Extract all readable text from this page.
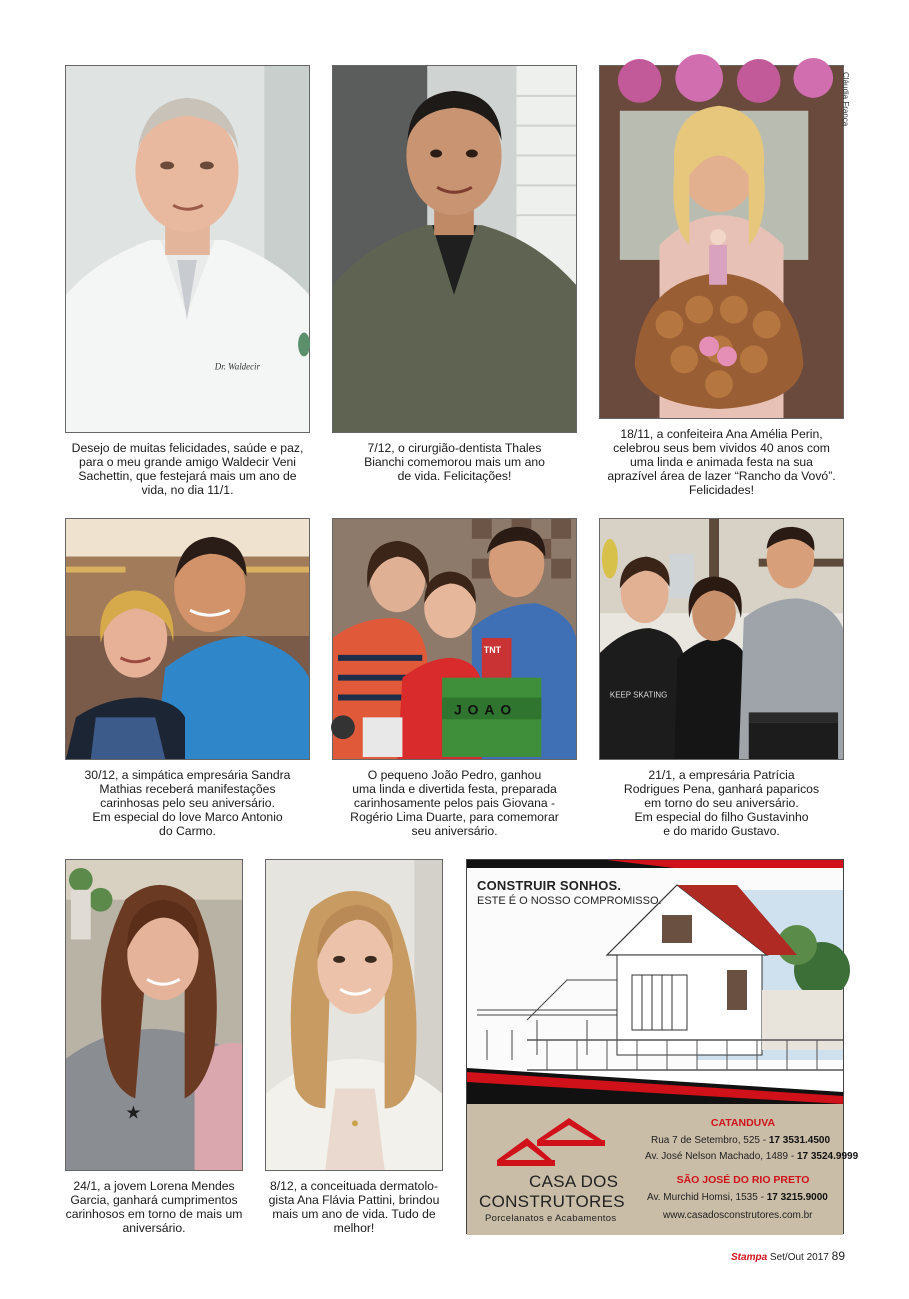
Dr. Waldecir
Desejo de muitas felicidades, saúde e paz,
para o meu grande amigo Waldecir Veni
Sachettin, que festejará mais um ano de
vida, no dia 11/1.
7/12, o cirurgião-dentista Thales
Bianchi comemorou mais um ano
de vida. Felicitações!
18/11, a confeiteira Ana Amélia Perin,
celebrou seus bem vividos 40 anos com
uma linda e animada festa na sua
aprazível área de lazer “Rancho da Vovó”.
Felicidades!
Cláudia França
30/12, a simpática empresária Sandra
Mathias receberá manifestações
carinhosas pelo seu aniversário.
Em especial do love Marco Antonio
do Carmo.
JOAO
TNT
O pequeno João Pedro, ganhou
uma linda e divertida festa, preparada
carinhosamente pelos pais Giovana -
Rogério Lima Duarte, para comemorar
seu aniversário.
KEEP SKATING
21/1, a empresária Patrícia
Rodrigues Pena, ganhará paparicos
em torno do seu aniversário.
Em especial do filho Gustavinho
e do marido Gustavo.
★
24/1, a jovem Lorena Mendes
Garcia, ganhará cumprimentos
carinhosos em torno de mais um
aniversário.
8/12, a conceituada dermatolo-
gista Ana Flávia Pattini, brindou
mais um ano de vida. Tudo de
melhor!
CONSTRUIR SONHOS.
ESTE É O NOSSO COMPROMISSO.
CASA DOS
CONSTRUTORES
Porcelanatos e Acabamentos
CATANDUVA
Rua 7 de Setembro, 525 - 17 3531.4500
Av. José Nelson Machado, 1489 - 17 3524.9999
SÃO JOSÉ DO RIO PRETO
Av. Murchid Homsi, 1535 - 17 3215.9000
www.casadosconstrutores.com.br
Stampa Set/Out 2017 89
